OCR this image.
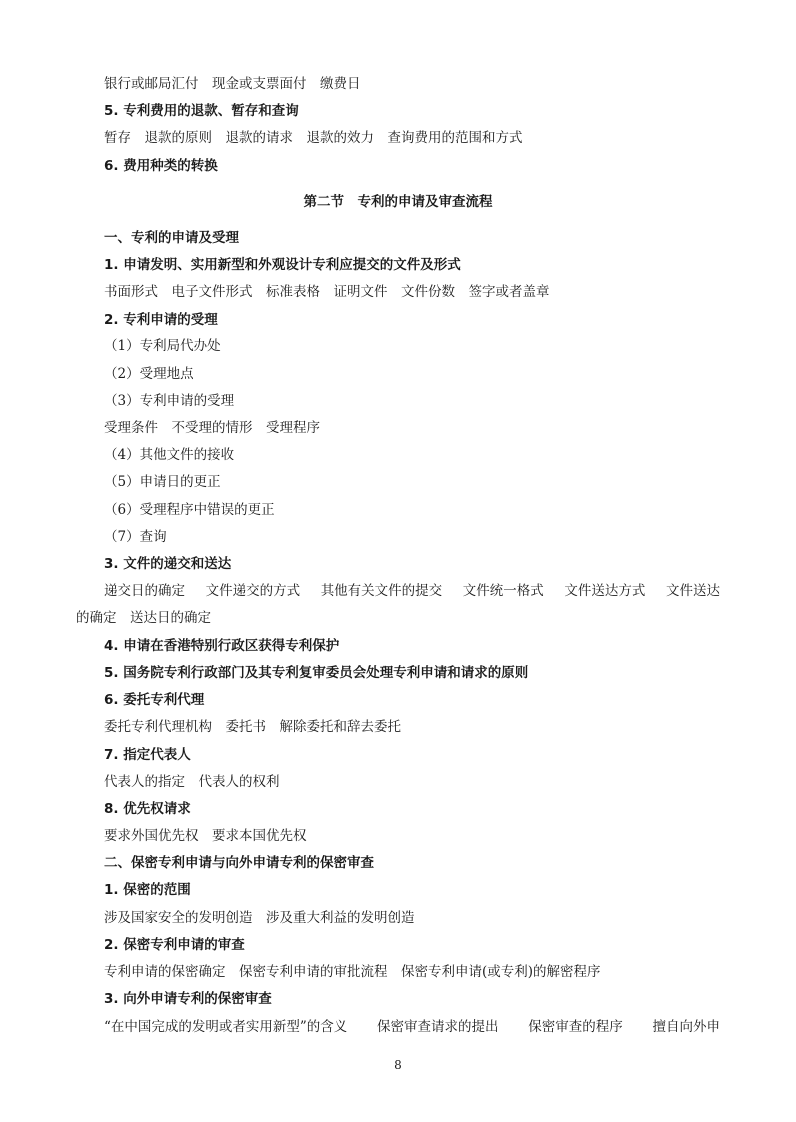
银行或邮局汇付　现金或支票面付　缴费日
5. 专利费用的退款、暂存和查询
暂存　退款的原则　退款的请求　退款的效力　查询费用的范围和方式
6. 费用种类的转换
第二节　专利的申请及审查流程
一、专利的申请及受理
1. 申请发明、实用新型和外观设计专利应提交的文件及形式
书面形式　电子文件形式　标准表格　证明文件　文件份数　签字或者盖章
2. 专利申请的受理
（1）专利局代办处
（2）受理地点
（3）专利申请的受理
受理条件　不受理的情形　受理程序
（4）其他文件的接收
（5）申请日的更正
（6）受理程序中错误的更正
（7）查询
3. 文件的递交和送达
递交日的确定 文件递交的方式 其他有关文件的提交 文件统一格式 文件送达方式 文件送达
的确定　送达日的确定
4. 申请在香港特别行政区获得专利保护
5. 国务院专利行政部门及其专利复审委员会处理专利申请和请求的原则
6. 委托专利代理
委托专利代理机构　委托书　解除委托和辞去委托
7. 指定代表人
代表人的指定　代表人的权利
8. 优先权请求
要求外国优先权　要求本国优先权
二、保密专利申请与向外申请专利的保密审查
1. 保密的范围
涉及国家安全的发明创造　涉及重大利益的发明创造
2. 保密专利申请的审查
专利申请的保密确定　保密专利申请的审批流程　保密专利申请(或专利)的解密程序
3. 向外申请专利的保密审查
“在中国完成的发明或者实用新型”的含义 保密审查请求的提出 保密审查的程序 擅自向外申
8
